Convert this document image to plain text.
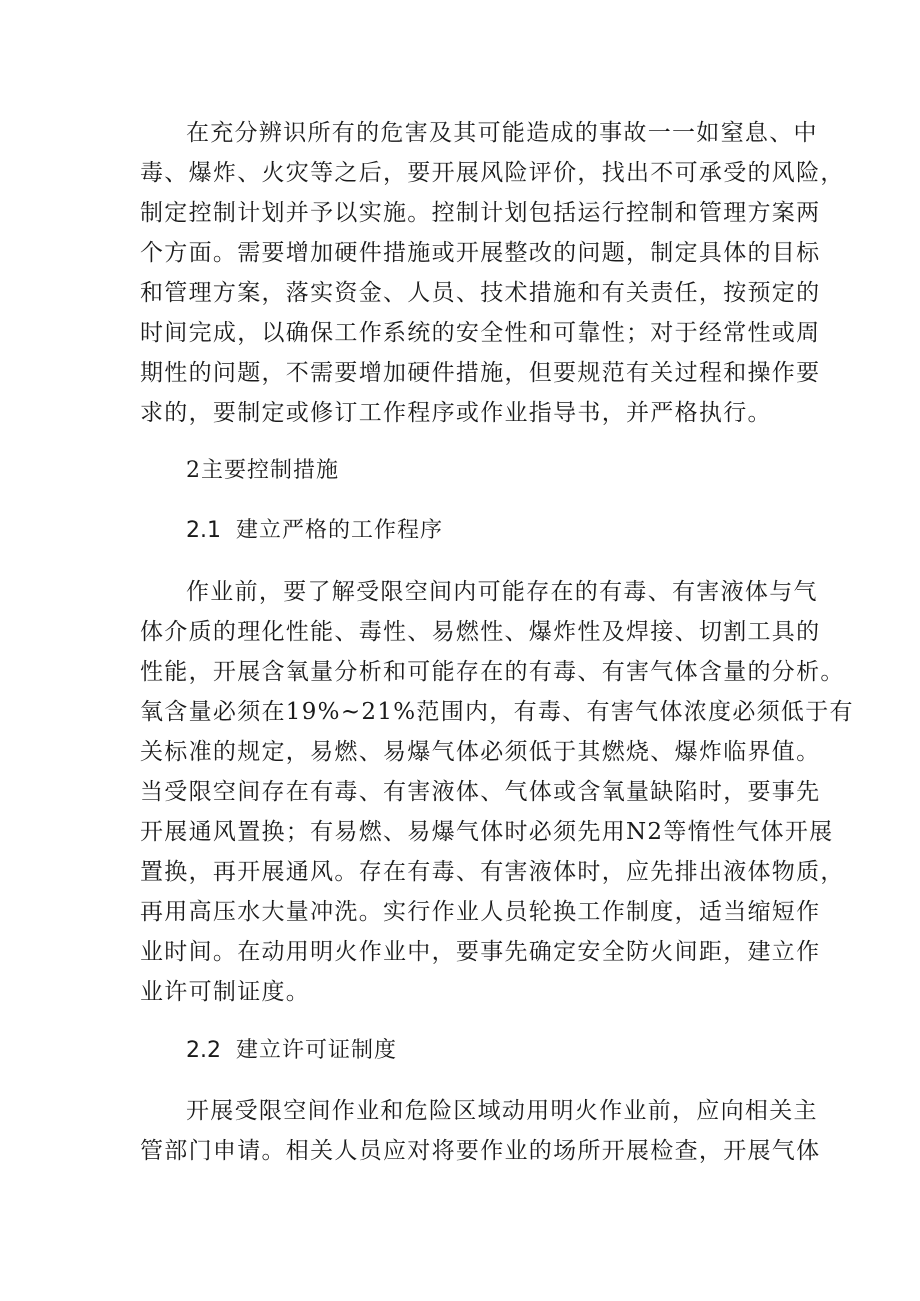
在充分辨识所有的危害及其可能造成的事故一一如窒息、中
毒、爆炸、火灾等之后，要开展风险评价，找出不可承受的风险，
制定控制计划并予以实施。控制计划包括运行控制和管理方案两
个方面。需要增加硬件措施或开展整改的问题，制定具体的目标
和管理方案，落实资金、人员、技术措施和有关责任，按预定的
时间完成，以确保工作系统的安全性和可靠性；对于经常性或周
期性的问题，不需要增加硬件措施，但要规范有关过程和操作要
求的，要制定或修订工作程序或作业指导书，并严格执行。
2主要控制措施
2.1 建立严格的工作程序
作业前，要了解受限空间内可能存在的有毒、有害液体与气
体介质的理化性能、毒性、易燃性、爆炸性及焊接、切割工具的
性能，开展含氧量分析和可能存在的有毒、有害气体含量的分析。
氧含量必须在19%~21%范围内，有毒、有害气体浓度必须低于有
关标准的规定，易燃、易爆气体必须低于其燃烧、爆炸临界值。
当受限空间存在有毒、有害液体、气体或含氧量缺陷时，要事先
开展通风置换；有易燃、易爆气体时必须先用N2等惰性气体开展
置换，再开展通风。存在有毒、有害液体时，应先排出液体物质，
再用高压水大量冲洗。实行作业人员轮换工作制度，适当缩短作
业时间。在动用明火作业中，要事先确定安全防火间距，建立作
业许可制证度。
2.2 建立许可证制度
开展受限空间作业和危险区域动用明火作业前，应向相关主
管部门申请。相关人员应对将要作业的场所开展检查，开展气体
